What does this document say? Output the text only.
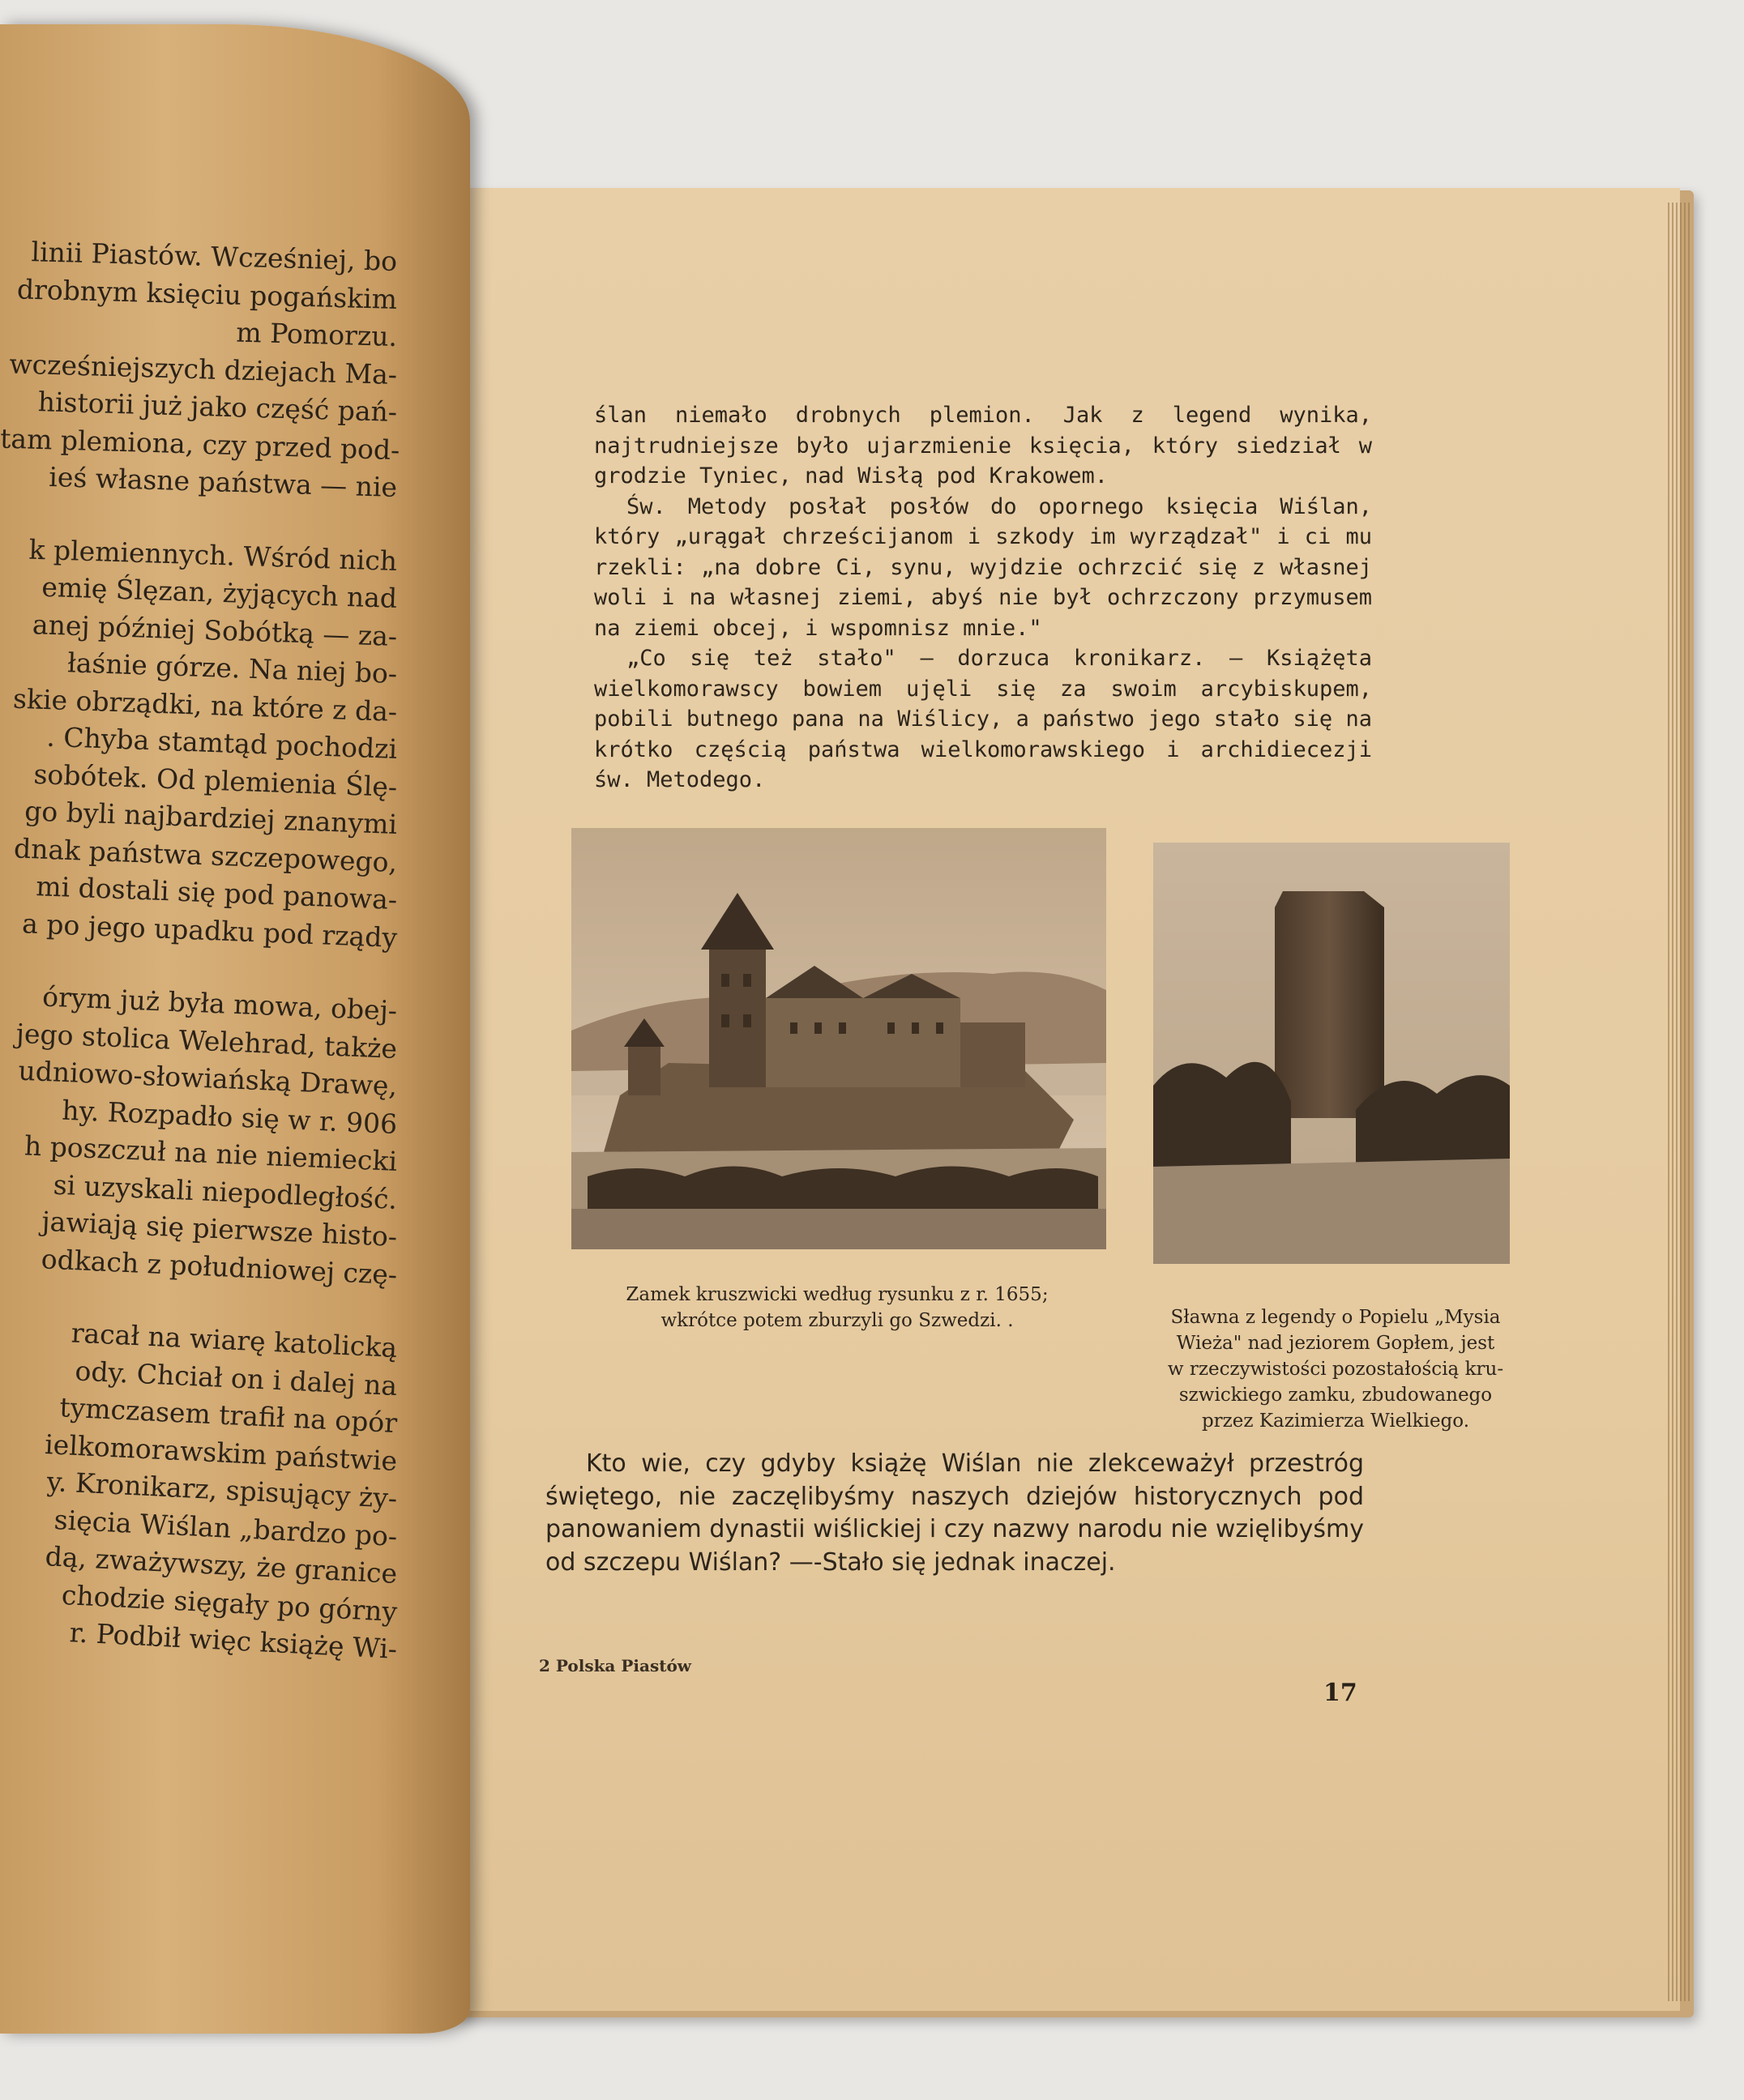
ślan niemało drobnych plemion. Jak z legend wynika, najtrudniejsze było ujarzmienie księcia, który siedział w grodzie Tyniec, nad Wisłą pod Krakowem.

Św. Metody posłał posłów do opornego księcia Wiślan, który „urągał chrześcijanom i szkody im wyrządzał" i ci mu rzekli: „na dobre Ci, synu, wyjdzie ochrzcić się z własnej woli i na własnej ziemi, abyś nie był ochrzczony przymusem na ziemi obcej, i wspomnisz mnie."

„Co się też stało" — dorzuca kronikarz. — Książęta wielkomorawscy bowiem ujęli się za swoim arcybiskupem, pobili butnego pana na Wiślicy, a państwo jego stało się na krótko częścią państwa wielkomorawskiego i archidiecezji św. Metodego.

Zamek kruszwicki według rysunku z r. 1655;
wkrótce potem zburzyli go Szwedzi. .	Sławna z legendy o Popielu „Mysia
Wieża" nad jeziorem Gopłem, jest
w rzeczywistości pozostałością kru-
szwickiego zamku, zbudowanego
przez Kazimierza Wielkiego.

Kto wie, czy gdyby książę Wiślan nie zlekceważył przestróg świętego, nie zaczęlibyśmy naszych dziejów historycznych pod panowaniem dynastii wiślickiej i czy nazwy narodu nie wzięlibyśmy od szczepu Wiślan? —-Stało się jednak inaczej.

2 Polska Piastów
17
linii Piastów. Wcześniej, bo
drobnym księciu pogańskim
m Pomorzu.
wcześniejszych dziejach Ma-
historii już jako część pań-
tam plemiona, czy przed pod-
ieś własne państwa — nie
k plemiennych. Wśród nich
emię Ślęzan, żyjących nad
anej później Sobótką — za-
łaśnie górze. Na niej bo-
skie obrządki, na które z da-
. Chyba stamtąd pochodzi
sobótek. Od plemienia Ślę-
go byli najbardziej znanymi
dnak państwa szczepowego,
mi dostali się pod panowa-
a po jego upadku pod rządy
órym już była mowa, obej-
jego stolica Welehrad, także
udniowo-słowiańską Drawę,
hy. Rozpadło się w r. 906
h poszczuł na nie niemiecki
si uzyskali niepodległość.
jawiają się pierwsze histo-
odkach z południowej czę-
racał na wiarę katolicką
ody. Chciał on i dalej na
tymczasem trafił na opór
ielkomorawskim państwie
y. Kronikarz, spisujący ży-
sięcia Wiślan „bardzo po-
dą, zważywszy, że granice
chodzie sięgały po górny
r. Podbił więc książę Wi-
